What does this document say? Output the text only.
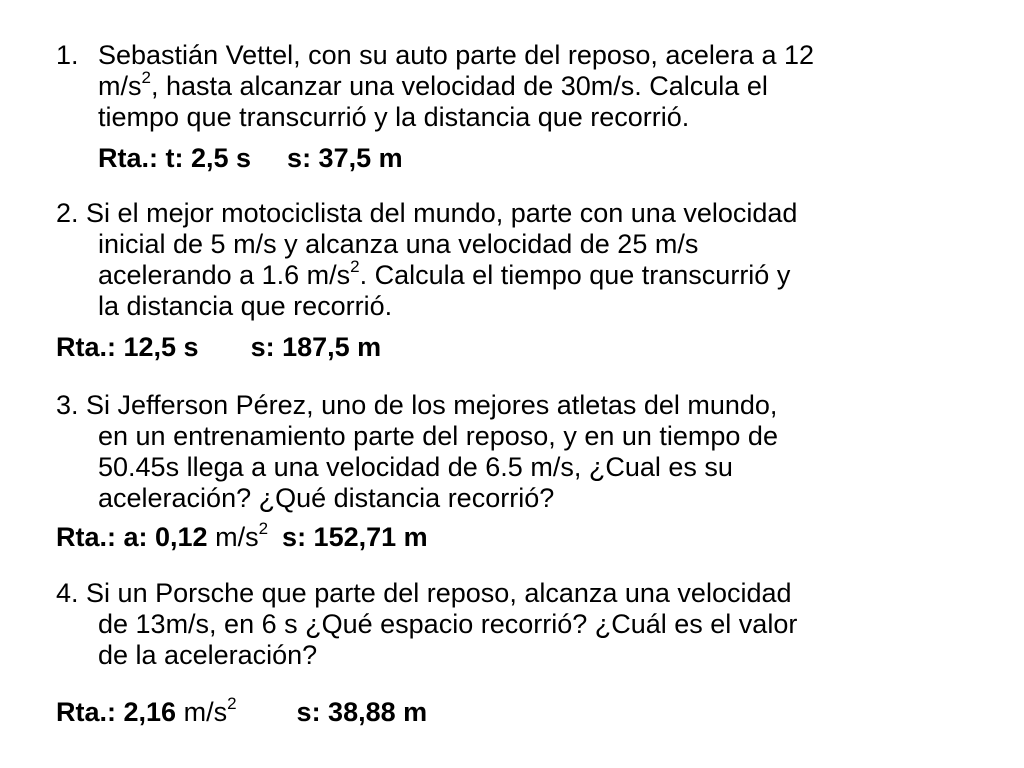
1. Sebastián Vettel, con su auto parte del reposo, acelera a 12
$m/s^2$, hasta alcanzar una velocidad de 30m/s. Calcula el
tiempo que transcurrió y la distancia que recorrió.
Rta.: t: 2,5 s s: 37,5 m
2. Si el mejor motociclista del mundo, parte con una velocidad
inicial de 5 m/s y alcanza una velocidad de 25 m/s
acelerando a 1.6 $m/s^2$. Calcula el tiempo que transcurrió y
la distancia que recorrió.
Rta.: 12,5 s s: 187,5 m
3. Si Jefferson Pérez, uno de los mejores atletas del mundo,
en un entrenamiento parte del reposo, y en un tiempo de
50.45s llega a una velocidad de 6.5 m/s, ¿Cual es su
aceleración? ¿Qué distancia recorrió?
Rta.: a: 0,12 $m/s^2$ s: 152,71 m
4. Si un Porsche que parte del reposo, alcanza una velocidad
de 13m/s, en 6 s ¿Qué espacio recorrió? ¿Cuál es el valor
de la aceleración?
Rta.: 2,16 $m/s^2$ s: 38,88 m
